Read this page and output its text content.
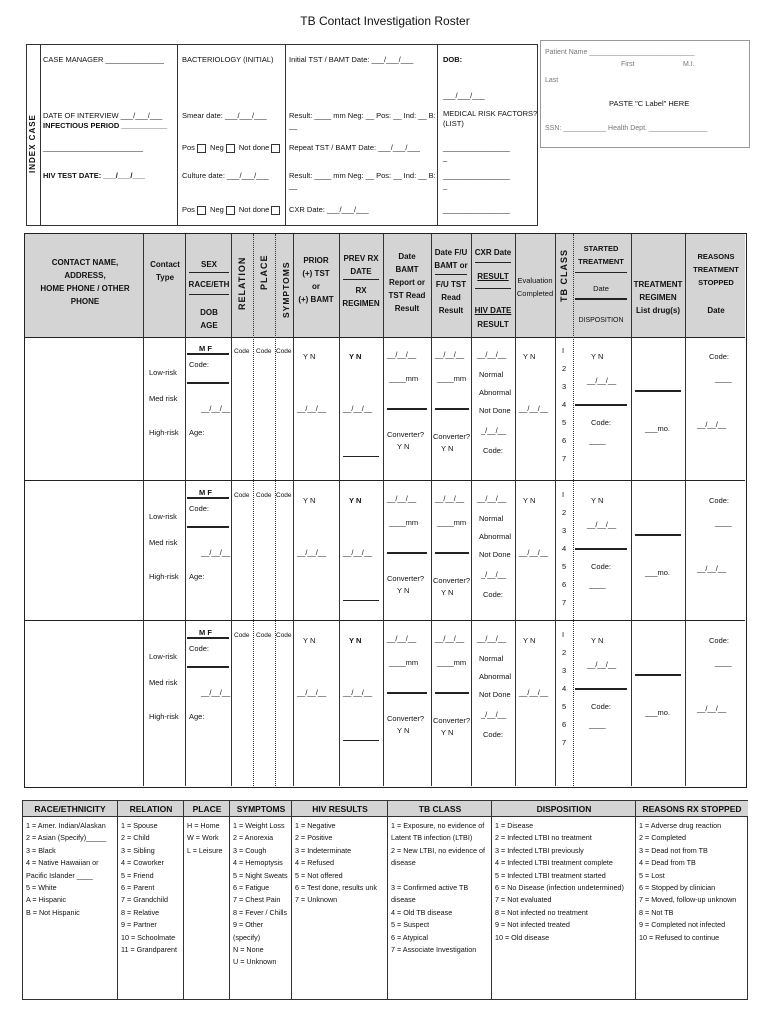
TB Contact Investigation Roster
INDEX CASE
CASE MANAGER ______________
DATE OF INTERVIEW ___/___/___
INFECTIOUS PERIOD ___________
________________________
HIV TEST DATE: ___/___/___
BACTERIOLOGY (INITIAL)
Smear date: ___/___/___
Pos Neg Not done
Culture date: ___/___/___
Pos Neg Not done
Initial TST / BAMT Date: ___/___/___
Result: ____ mm Neg: __ Pos: __ Ind: __ B:
__
Repeat TST / BAMT Date: ___/___/___
Result: ____ mm Neg: __ Pos: __ Ind: __ B:
__
CXR Date: ___/___/___
DOB:
___/___/___
MEDICAL RISK FACTORS?
(LIST)
________________
_
________________
_
________________
Patient Name ___________________________
First	M.I.
Last
PASTE "C Label" HERE
SSN: ___________ Health Dept. _______________
CONTACT NAME,
ADDRESS,
HOME PHONE / OTHER
PHONE
Contact
Type
SEX
RACE/ETH
DOB
AGE
RELATION PLACE SYMPTOMS
PRIOR
(+) TST
or
(+) BAMT
PREV RX
DATE
RX
REGIMEN
Date
BAMT
Report or
TST Read
Result
Date F/U
BAMT or
F/U TST
Read
Result
CXR Date
RESULT
HIV DATE
RESULT
Evaluation
Completed TB CLASS
STARTED
TREATMENT
Date
DISPOSITION
TREATMENT
REGIMEN
List drug(s)
REASONS
TREATMENT
STOPPED
Date
Low-risk
Med risk
High-risk
M F
Code:
__/__/__
Age:
Code Code Code
Y N
__/__/__
Y N
__/__/__
__/__/__
____mm
Converter?
Y N
__/__/__
____mm
Converter?
Y N
__/__/__
Normal
Abnormal
Not Done
_/__/__
Code:
Y N
__/__/__
I
2
3
4
5
6
7
Y N
__/__/__
Code:
____
___mo.
Code:
____
__/__/__
Low-risk
Med risk
High-risk
M F
Code:
__/__/__
Age:
Code Code Code
Y N
__/__/__
Y N
__/__/__
__/__/__
____mm
Converter?
Y N
__/__/__
____mm
Converter?
Y N
__/__/__
Normal
Abnormal
Not Done
_/__/__
Code:
Y N
__/__/__
I
2
3
4
5
6
7
Y N
__/__/__
Code:
____
___mo.
Code:
____
__/__/__
Low-risk
Med risk
High-risk
M F
Code:
__/__/__
Age:
Code Code Code
Y N
__/__/__
Y N
__/__/__
__/__/__
____mm
Converter?
Y N
__/__/__
____mm
Converter?
Y N
__/__/__
Normal
Abnormal
Not Done
_/__/__
Code:
Y N
__/__/__
I
2
3
4
5
6
7
Y N
__/__/__
Code:
____
___mo.
Code:
____
__/__/__
RACE/ETHNICITY
1 = Amer. Indian/Alaskan
2 = Asian (Specify)_____
3 = Black
4 = Native Hawaiian or
Pacific Islander ____
5 = White
A = Hispanic
B = Not Hispanic
RELATION
1 = Spouse
2 = Child
3 = Sibling
4 = Coworker
5 = Friend
6 = Parent
7 = Grandchild
8 = Relative
9 = Partner
10 = Schoolmate
11 = Grandparent
PLACE
H = Home
W = Work
L = Leisure
SYMPTOMS
1 = Weight Loss
2 = Anorexia
3 = Cough
4 = Hemoptysis
5 = Night Sweats
6 = Fatigue
7 = Chest Pain
8 = Fever / Chills
9 = Other
(specify)
N = None
U = Unknown
HIV RESULTS
1 = Negative
2 = Positive
3 = Indeterminate
4 = Refused
5 = Not offered
6 = Test done, results unk
7 = Unknown
TB CLASS
1 = Exposure, no evidence of
Latent TB infection (LTBI)
2 = New LTBI, no evidence of
disease
3 = Confirmed active TB
disease
4 = Old TB disease
5 = Suspect
6 = Atypical
7 = Associate Investigation
DISPOSITION
1 = Disease
2 = Infected LTBI no treatment
3 = Infected LTBI previously
4 = Infected LTBI treatment complete
5 = Infected LTBI treatment started
6 = No Disease (infection undetermined)
7 = Not evaluated
8 = Not infected no treatment
9 = Not infected treated
10 = Old disease
REASONS RX STOPPED
1 = Adverse drug reaction
2 = Completed
3 = Dead not from TB
4 = Dead from TB
5 = Lost
6 = Stopped by clinician
7 = Moved, follow-up unknown
8 = Not TB
9 = Completed not infected
10 = Refused to continue
